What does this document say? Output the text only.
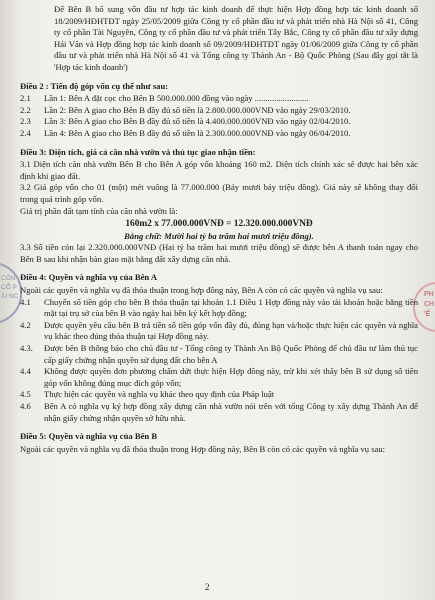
CÔN
CỔ P
ÁI NC	PH
CH
'Ế

Để Bên B bổ sung vốn đầu tư hợp tác kinh doanh để thực hiện Hợp đồng hợp tác kinh doanh số 18/2009/HĐHTĐT ngày 25/05/2009 giữa Công ty cổ phần đầu tư và phát triển nhà Hà Nội số 41, Công ty cổ phần Tài Nguyên, Công ty cổ phần đầu tư và phát triển Tây Bắc, Công ty cổ phần đầu tư xây dựng Hải Vân và Hợp đồng hợp tác kinh doanh số 09/2009/HĐHTĐT ngày 01/06/2009 giữa Công ty cổ phần đầu tư và phát triển nhà Hà Nội số 41 và Tổng công ty Thành An - Bộ Quốc Phòng (Sau đây gọi tắt là 'Hợp tác kinh doanh')

Điều 2 : Tiến độ góp vốn cụ thể như sau:

2.1	Lần 1: Bên A đặt cọc cho Bên B 500.000.000 đồng vào ngày .........................
2.2	Lần 2: Bên A giao cho Bên B đầy đủ số tiền là 2.800.000.000VNĐ vào ngày 29/03/2010.
2.3	Lần 3: Bên A giao cho Bên B đầy đủ số tiền là 4.400.000.000VNĐ vào ngày 02/04/2010.
2.4	Lần 4: Bên A giao cho Bên B đầy đủ số tiền là 2.300.000.000VNĐ vào ngày 06/04/2010.

Điều 3: Diện tích, giá cả căn nhà vườn và thủ tục giao nhận tiền:

3.1 Diện tích căn nhà vườn Bên B cho Bên A góp vốn khoảng 160 m2. Diện tích chính xác sẽ được hai bên xác định khi giao đất.

3.2 Giá góp vốn cho 01 (một) mét vuông là 77.000.000 (Bảy mươi bảy triệu đồng). Giá này sẽ không thay đổi trong quá trình góp vốn.

Giá trị phần đất tạm tính của căn nhà vườn là:

160m2 x 77.000.000VNĐ = 12.320.000.000VNĐ

Bằng chữ: Mười hai tỷ ba trăm hai mươi triệu đồng).

3.3 Số tiền còn lại 2.320.000.000VNĐ (Hai tỷ ba trăm hai mươi triệu đồng) sẽ được bên A thanh toán ngay cho Bên B sau khi nhận bàn giao mặt bằng đất xây dựng căn nhà.

Điều 4: Quyền và nghĩa vụ của Bên A

Ngoài các quyền và nghĩa vụ đã thỏa thuận trong hợp đồng này, Bên A còn có các quyền và nghĩa vụ sau:

4.1	Chuyển số tiền góp cho bên B thỏa thuận tại khoản 1.1 Điều 1 Hợp đồng này vào tài khoản hoặc bằng tiền mặt tại trụ sở của bên B vào ngày hai bên ký kết hợp đồng;
4.2	Được quyền yêu cầu bên B trả tiền số tiền góp vốn đầy đủ, đúng hạn và/hoặc thực hiện các quyền và nghĩa vụ khác theo đúng thỏa thuận tại Hợp đồng này.
4.3.	Được bên B thông báo cho chủ đầu tư - Tổng công ty Thành An Bộ Quốc Phòng để chủ đầu tư làm thủ tục cấp giấy chứng nhận quyền sử dụng đất cho bên A
4.4	Không được quyền đơn phương chấm dứt thực hiện Hợp đồng này, trừ khi xét thấy bên B sử dụng số tiền góp vốn không đúng mục đích góp vốn;
4.5	Thực hiện các quyền và nghĩa vụ khác theo quy định của Pháp luật
4.6	Bên A có nghĩa vụ ký hợp đồng xây dựng căn nhà vườn nói trên với tổng Công ty xây dựng Thành An để nhận giấy chứng nhận quyền sở hữu nhà.

Điều 5: Quyền và nghĩa vụ của Bên B

Ngoài các quyền và nghĩa vụ đã thỏa thuận trong Hợp đồng này, Bên B còn có các quyền và nghĩa vụ sau:

2
